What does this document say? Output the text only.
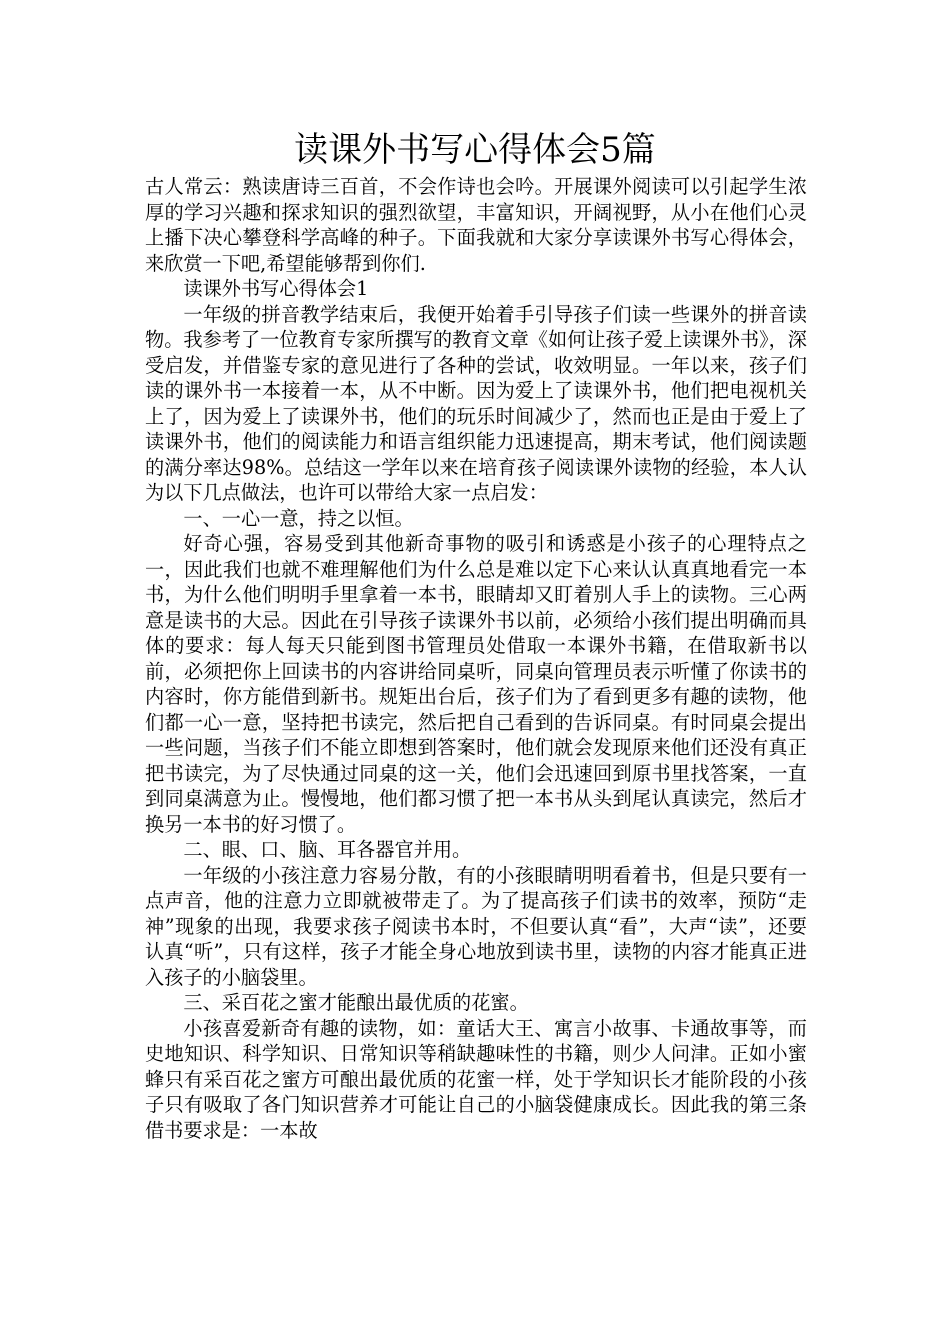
读课外书写心得体会5篇

古人常云：熟读唐诗三百首，不会作诗也会吟。开展课外阅读可以引起学生浓厚的学习兴趣和探求知识的强烈欲望，丰富知识，开阔视野，从小在他们心灵上播下决心攀登科学高峰的种子。下面我就和大家分享读课外书写心得体会，来欣赏一下吧,希望能够帮到你们.

读课外书写心得体会1

一年级的拼音教学结束后，我便开始着手引导孩子们读一些课外的拼音读物。我参考了一位教育专家所撰写的教育文章《如何让孩子爱上读课外书》，深受启发，并借鉴专家的意见进行了各种的尝试，收效明显。一年以来，孩子们读的课外书一本接着一本，从不中断。因为爱上了读课外书，他们把电视机关上了，因为爱上了读课外书，他们的玩乐时间减少了，然而也正是由于爱上了读课外书，他们的阅读能力和语言组织能力迅速提高，期末考试，他们阅读题的满分率达98%。总结这一学年以来在培育孩子阅读课外读物的经验，本人认为以下几点做法，也许可以带给大家一点启发：

一、一心一意，持之以恒。

好奇心强，容易受到其他新奇事物的吸引和诱惑是小孩子的心理特点之一，因此我们也就不难理解他们为什么总是难以定下心来认认真真地看完一本书，为什么他们明明手里拿着一本书，眼睛却又盯着别人手上的读物。三心两意是读书的大忌。因此在引导孩子读课外书以前，必须给小孩们提出明确而具体的要求：每人每天只能到图书管理员处借取一本课外书籍，在借取新书以前，必须把你上回读书的内容讲给同桌听，同桌向管理员表示听懂了你读书的内容时，你方能借到新书。规矩出台后，孩子们为了看到更多有趣的读物，他们都一心一意，坚持把书读完，然后把自己看到的告诉同桌。有时同桌会提出一些问题，当孩子们不能立即想到答案时，他们就会发现原来他们还没有真正把书读完，为了尽快通过同桌的这一关，他们会迅速回到原书里找答案，一直到同桌满意为止。慢慢地，他们都习惯了把一本书从头到尾认真读完，然后才换另一本书的好习惯了。

二、眼、口、脑、耳各器官并用。

一年级的小孩注意力容易分散，有的小孩眼睛明明看着书，但是只要有一点声音，他的注意力立即就被带走了。为了提高孩子们读书的效率，预防“走神”现象的出现，我要求孩子阅读书本时，不但要认真“看”，大声“读”，还要认真“听”，只有这样，孩子才能全身心地放到读书里，读物的内容才能真正进入孩子的小脑袋里。

三、采百花之蜜才能酿出最优质的花蜜。

小孩喜爱新奇有趣的读物，如：童话大王、寓言小故事、卡通故事等，而史地知识、科学知识、日常知识等稍缺趣味性的书籍，则少人问津。正如小蜜蜂只有采百花之蜜方可酿出最优质的花蜜一样，处于学知识长才能阶段的小孩子只有吸取了各门知识营养才可能让自己的小脑袋健康成长。因此我的第三条借书要求是：一本故
